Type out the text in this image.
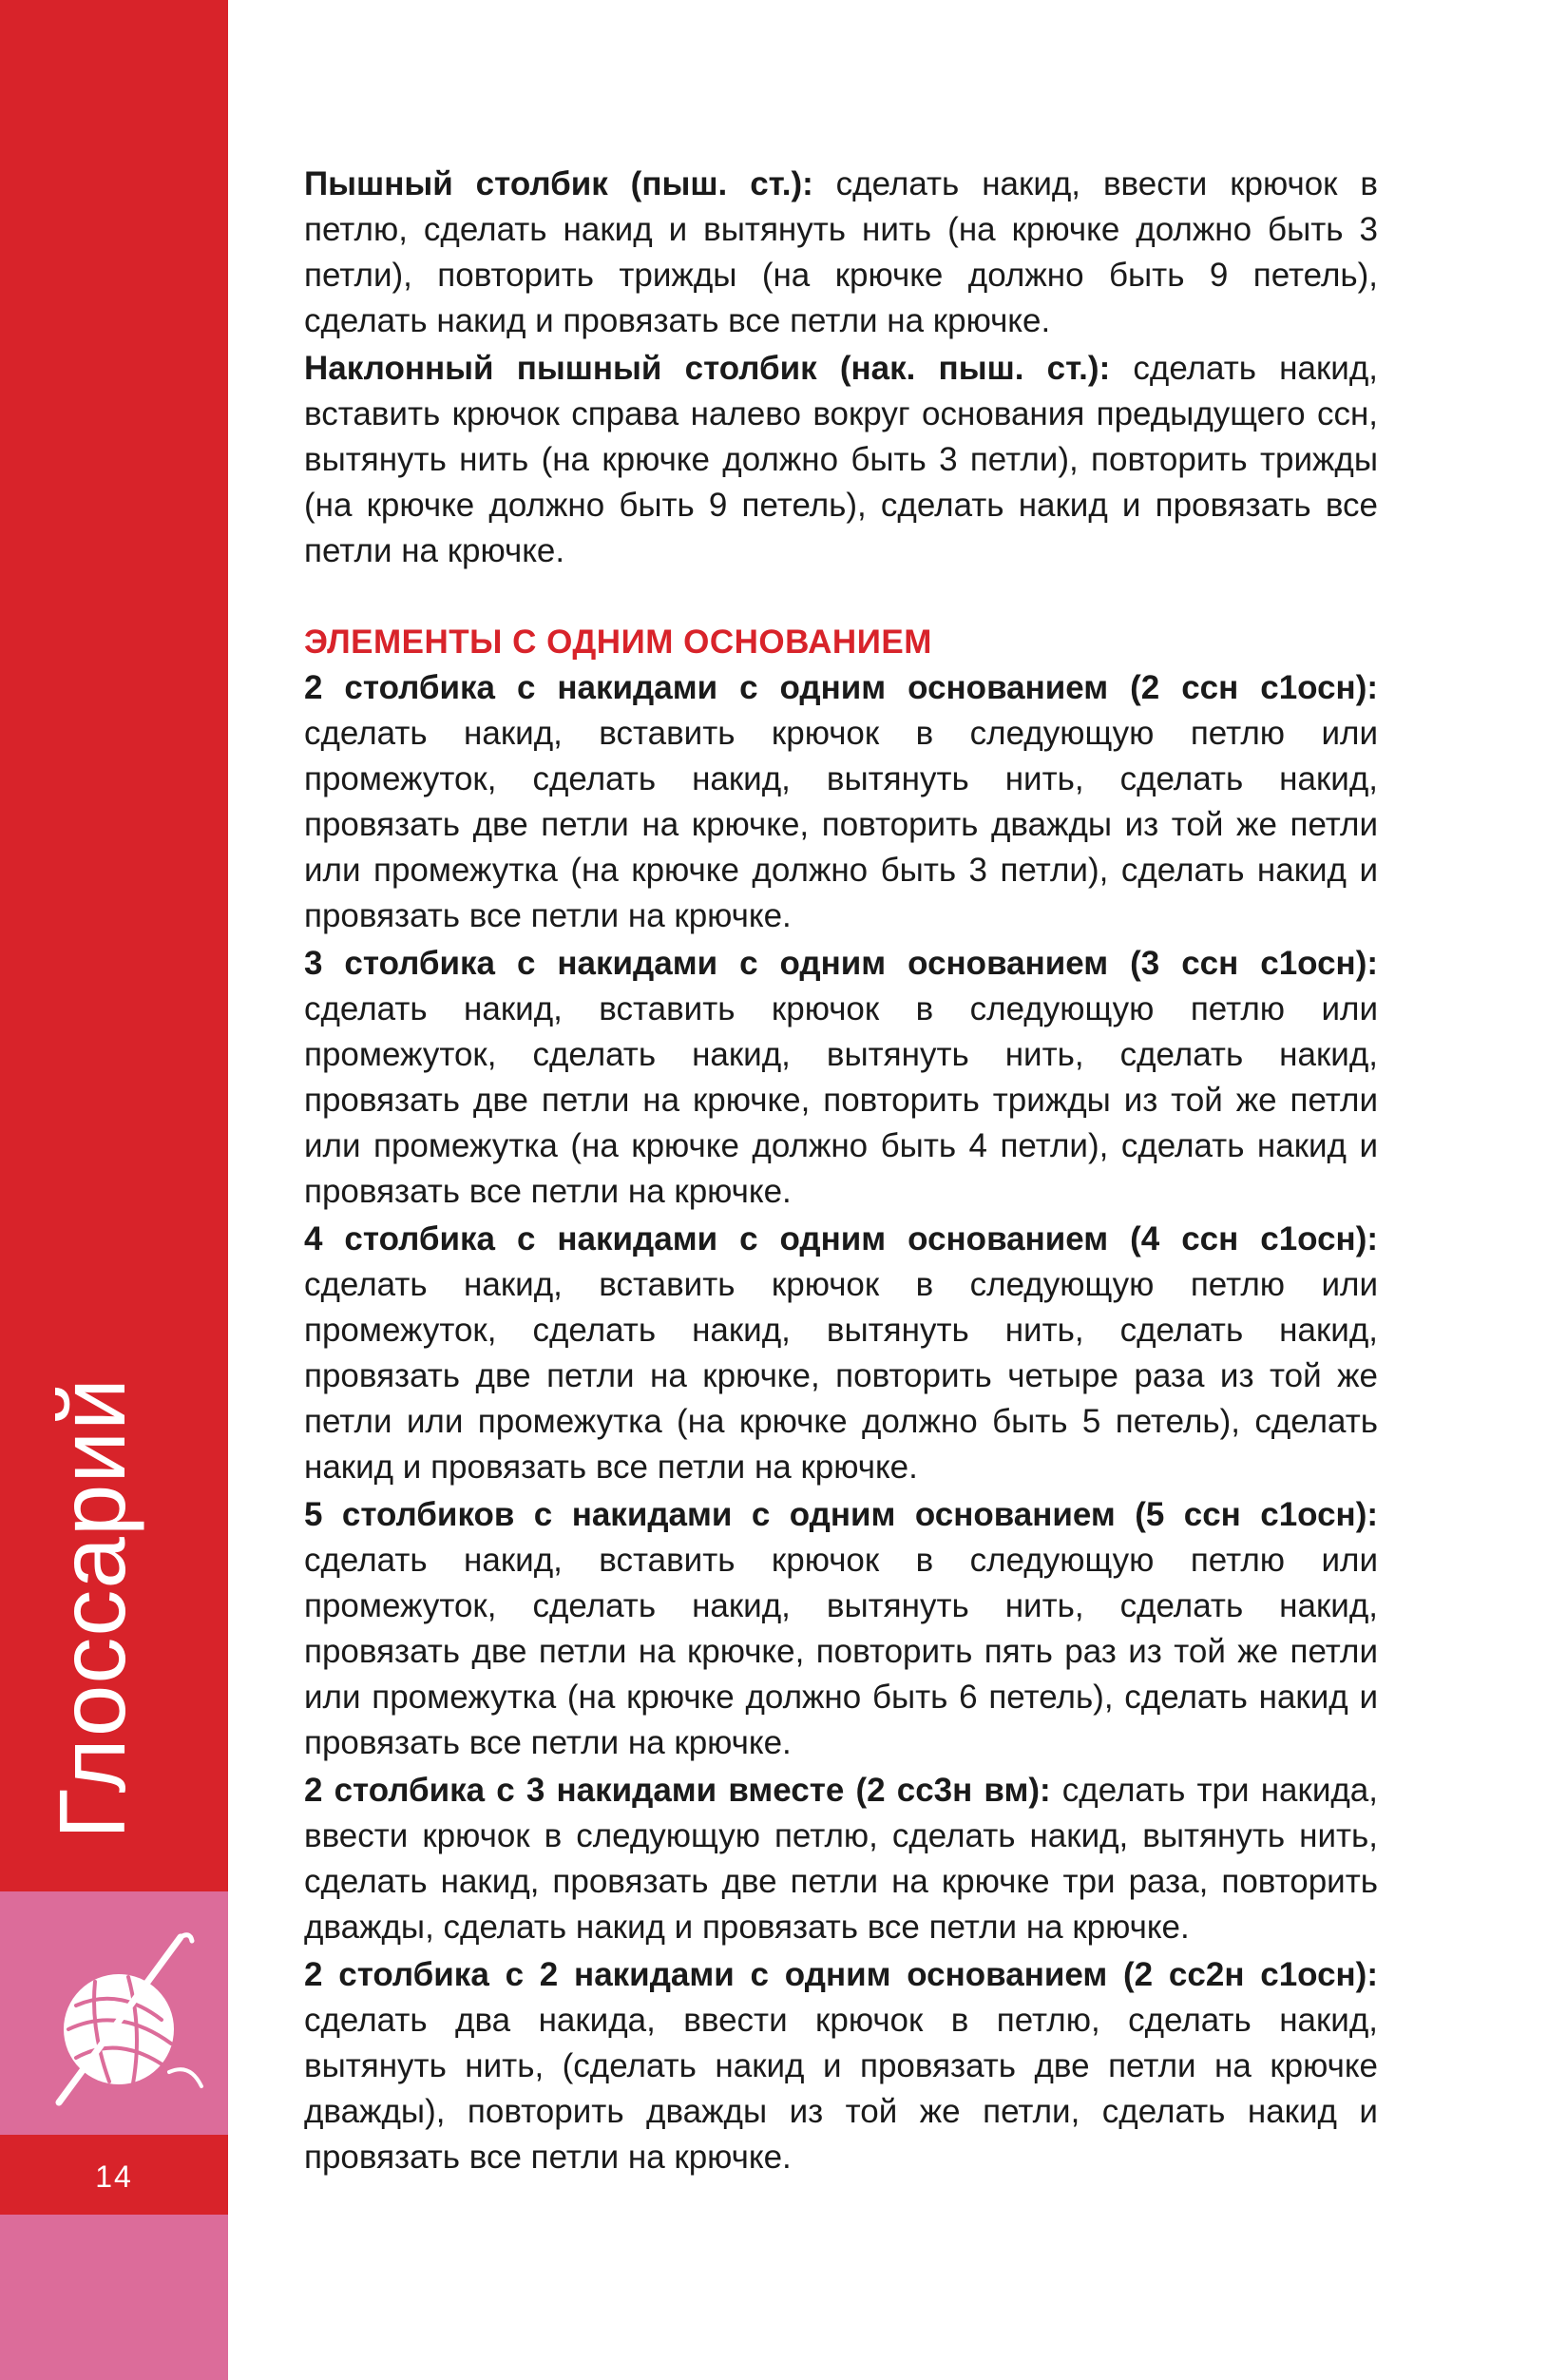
Глоссарий
14

Пышный столбик (пыш. ст.): сделать накид, ввести крючок в петлю, сделать накид и вытянуть нить (на крючке должно быть 3 петли), повторить трижды (на крючке должно быть 9 петель), сделать накид и провязать все петли на крючке.

Наклонный пышный столбик (нак. пыш. ст.): сделать накид, вставить крючок справа налево вокруг основания предыдущего ссн, вытянуть нить (на крючке должно быть 3 петли), повторить трижды (на крючке должно быть 9 петель), сделать накид и провязать все петли на крючке.

ЭЛЕМЕНТЫ С ОДНИМ ОСНОВАНИЕМ

2 столбика с накидами с одним основанием (2 ссн с1осн): сделать накид, вставить крючок в следующую петлю или промежуток, сделать накид, вытянуть нить, сделать накид, провязать две петли на крючке, повторить дважды из той же петли или промежутка (на крючке должно быть 3 петли), сделать накид и провязать все петли на крючке.

3 столбика с накидами с одним основанием (3 ссн с1осн): сделать накид, вставить крючок в следующую петлю или промежуток, сделать накид, вытянуть нить, сделать накид, провязать две петли на крючке, повторить трижды из той же петли или промежутка (на крючке должно быть 4 петли), сделать накид и провязать все петли на крючке.

4 столбика с накидами с одним основанием (4 ссн с1осн): сделать накид, вставить крючок в следующую петлю или промежуток, сделать накид, вытянуть нить, сделать накид, провязать две петли на крючке, повторить четыре раза из той же петли или промежутка (на крючке должно быть 5 петель), сделать накид и провязать все петли на крючке.

5 столбиков с накидами с одним основанием (5 ссн с1осн): сделать накид, вставить крючок в следующую петлю или промежуток, сделать накид, вытянуть нить, сделать накид, провязать две петли на крючке, повторить пять раз из той же петли или промежутка (на крючке должно быть 6 петель), сделать накид и провязать все петли на крючке.

2 столбика с 3 накидами вместе (2 сс3н вм): сделать три накида, ввести крючок в следующую петлю, сделать накид, вытянуть нить, сделать накид, провязать две петли на крючке три раза, повторить дважды, сделать накид и провязать все петли на крючке.

2 столбика с 2 накидами с одним основанием (2 сс2н с1осн): сделать два накида, ввести крючок в петлю, сделать накид, вытянуть нить, (сделать накид и провязать две петли на крючке дважды), повторить дважды из той же петли, сделать накид и провязать все петли на крючке.
